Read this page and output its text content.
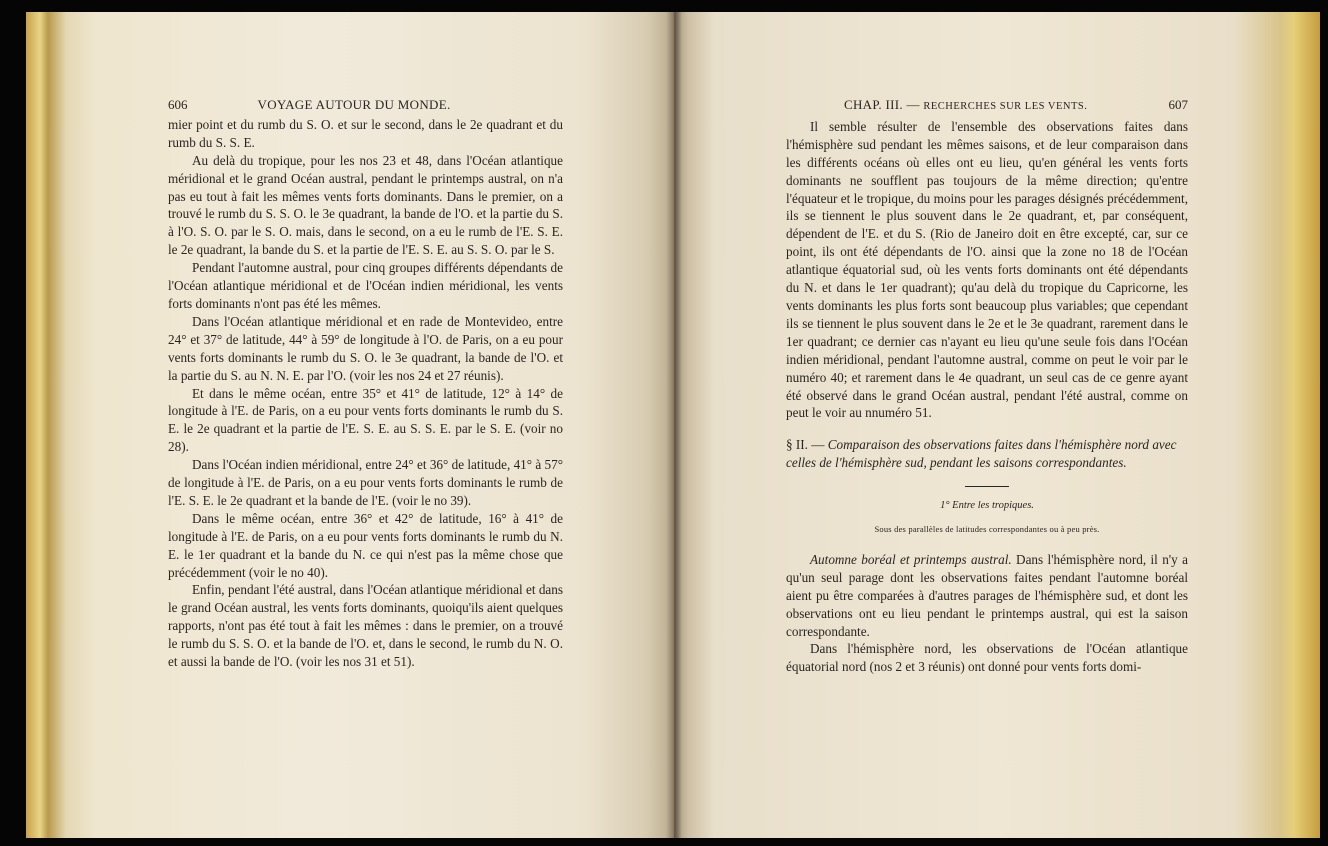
606	VOYAGE AUTOUR DU MONDE.

mier point et du rumb du S. O. et sur le second, dans le 2e quadrant et du rumb du S. S. E.

Au delà du tropique, pour les nos 23 et 48, dans l'Océan atlantique méridional et le grand Océan austral, pendant le printemps austral, on n'a pas eu tout à fait les mêmes vents forts dominants. Dans le premier, on a trouvé le rumb du S. S. O. le 3e quadrant, la bande de l'O. et la partie du S. à l'O. S. O. par le S. O. mais, dans le second, on a eu le rumb de l'E. S. E. le 2e quadrant, la bande du S. et la partie de l'E. S. E. au S. S. O. par le S.

Pendant l'automne austral, pour cinq groupes différents dépendants de l'Océan atlantique méridional et de l'Océan indien méridional, les vents forts dominants n'ont pas été les mêmes.

Dans l'Océan atlantique méridional et en rade de Montevideo, entre 24° et 37° de latitude, 44° à 59° de longitude à l'O. de Paris, on a eu pour vents forts dominants le rumb du S. O. le 3e quadrant, la bande de l'O. et la partie du S. au N. N. E. par l'O. (voir les nos 24 et 27 réunis).

Et dans le même océan, entre 35° et 41° de latitude, 12° à 14° de longitude à l'E. de Paris, on a eu pour vents forts dominants le rumb du S. E. le 2e quadrant et la partie de l'E. S. E. au S. S. E. par le S. E. (voir no 28).

Dans l'Océan indien méridional, entre 24° et 36° de latitude, 41° à 57° de longitude à l'E. de Paris, on a eu pour vents forts dominants le rumb de l'E. S. E. le 2e quadrant et la bande de l'E. (voir le no 39).

Dans le même océan, entre 36° et 42° de latitude, 16° à 41° de longitude à l'E. de Paris, on a eu pour vents forts dominants le rumb du N. E. le 1er quadrant et la bande du N. ce qui n'est pas la même chose que précédemment (voir le no 40).

Enfin, pendant l'été austral, dans l'Océan atlantique méridional et dans le grand Océan austral, les vents forts dominants, quoiqu'ils aient quelques rapports, n'ont pas été tout à fait les mêmes : dans le premier, on a trouvé le rumb du S. S. O. et la bande de l'O. et, dans le second, le rumb du N. O. et aussi la bande de l'O. (voir les nos 31 et 51).

CHAP. III. — RECHERCHES SUR LES VENTS.	607

Il semble résulter de l'ensemble des observations faites dans l'hémisphère sud pendant les mêmes saisons, et de leur comparaison dans les différents océans où elles ont eu lieu, qu'en général les vents forts dominants ne soufflent pas toujours de la même direction; qu'entre l'équateur et le tropique, du moins pour les parages désignés précédemment, ils se tiennent le plus souvent dans le 2e quadrant, et, par conséquent, dépendent de l'E. et du S. (Rio de Janeiro doit en être excepté, car, sur ce point, ils ont été dépendants de l'O. ainsi que la zone no 18 de l'Océan atlantique équatorial sud, où les vents forts dominants ont été dépendants du N. et dans le 1er quadrant); qu'au delà du tropique du Capricorne, les vents dominants les plus forts sont beaucoup plus variables; que cependant ils se tiennent le plus souvent dans le 2e et le 3e quadrant, rarement dans le 1er quadrant; ce dernier cas n'ayant eu lieu qu'une seule fois dans l'Océan indien méridional, pendant l'automne austral, comme on peut le voir par le numéro 40; et rarement dans le 4e quadrant, un seul cas de ce genre ayant été observé dans le grand Océan austral, pendant l'été austral, comme on peut le voir au nnuméro 51.

§ II. — Comparaison des observations faites dans l'hémisphère nord avec celles de l'hémisphère sud, pendant les saisons correspondantes.

1° Entre les tropiques.

Sous des parallèles de latitudes correspondantes ou à peu près.

Automne boréal et printemps austral. Dans l'hémisphère nord, il n'y a qu'un seul parage dont les observations faites pendant l'automne boréal aient pu être comparées à d'autres parages de l'hémisphère sud, et dont les observations ont eu lieu pendant le printemps austral, qui est la saison correspondante.

Dans l'hémisphère nord, les observations de l'Océan atlantique équatorial nord (nos 2 et 3 réunis) ont donné pour vents forts domi-
